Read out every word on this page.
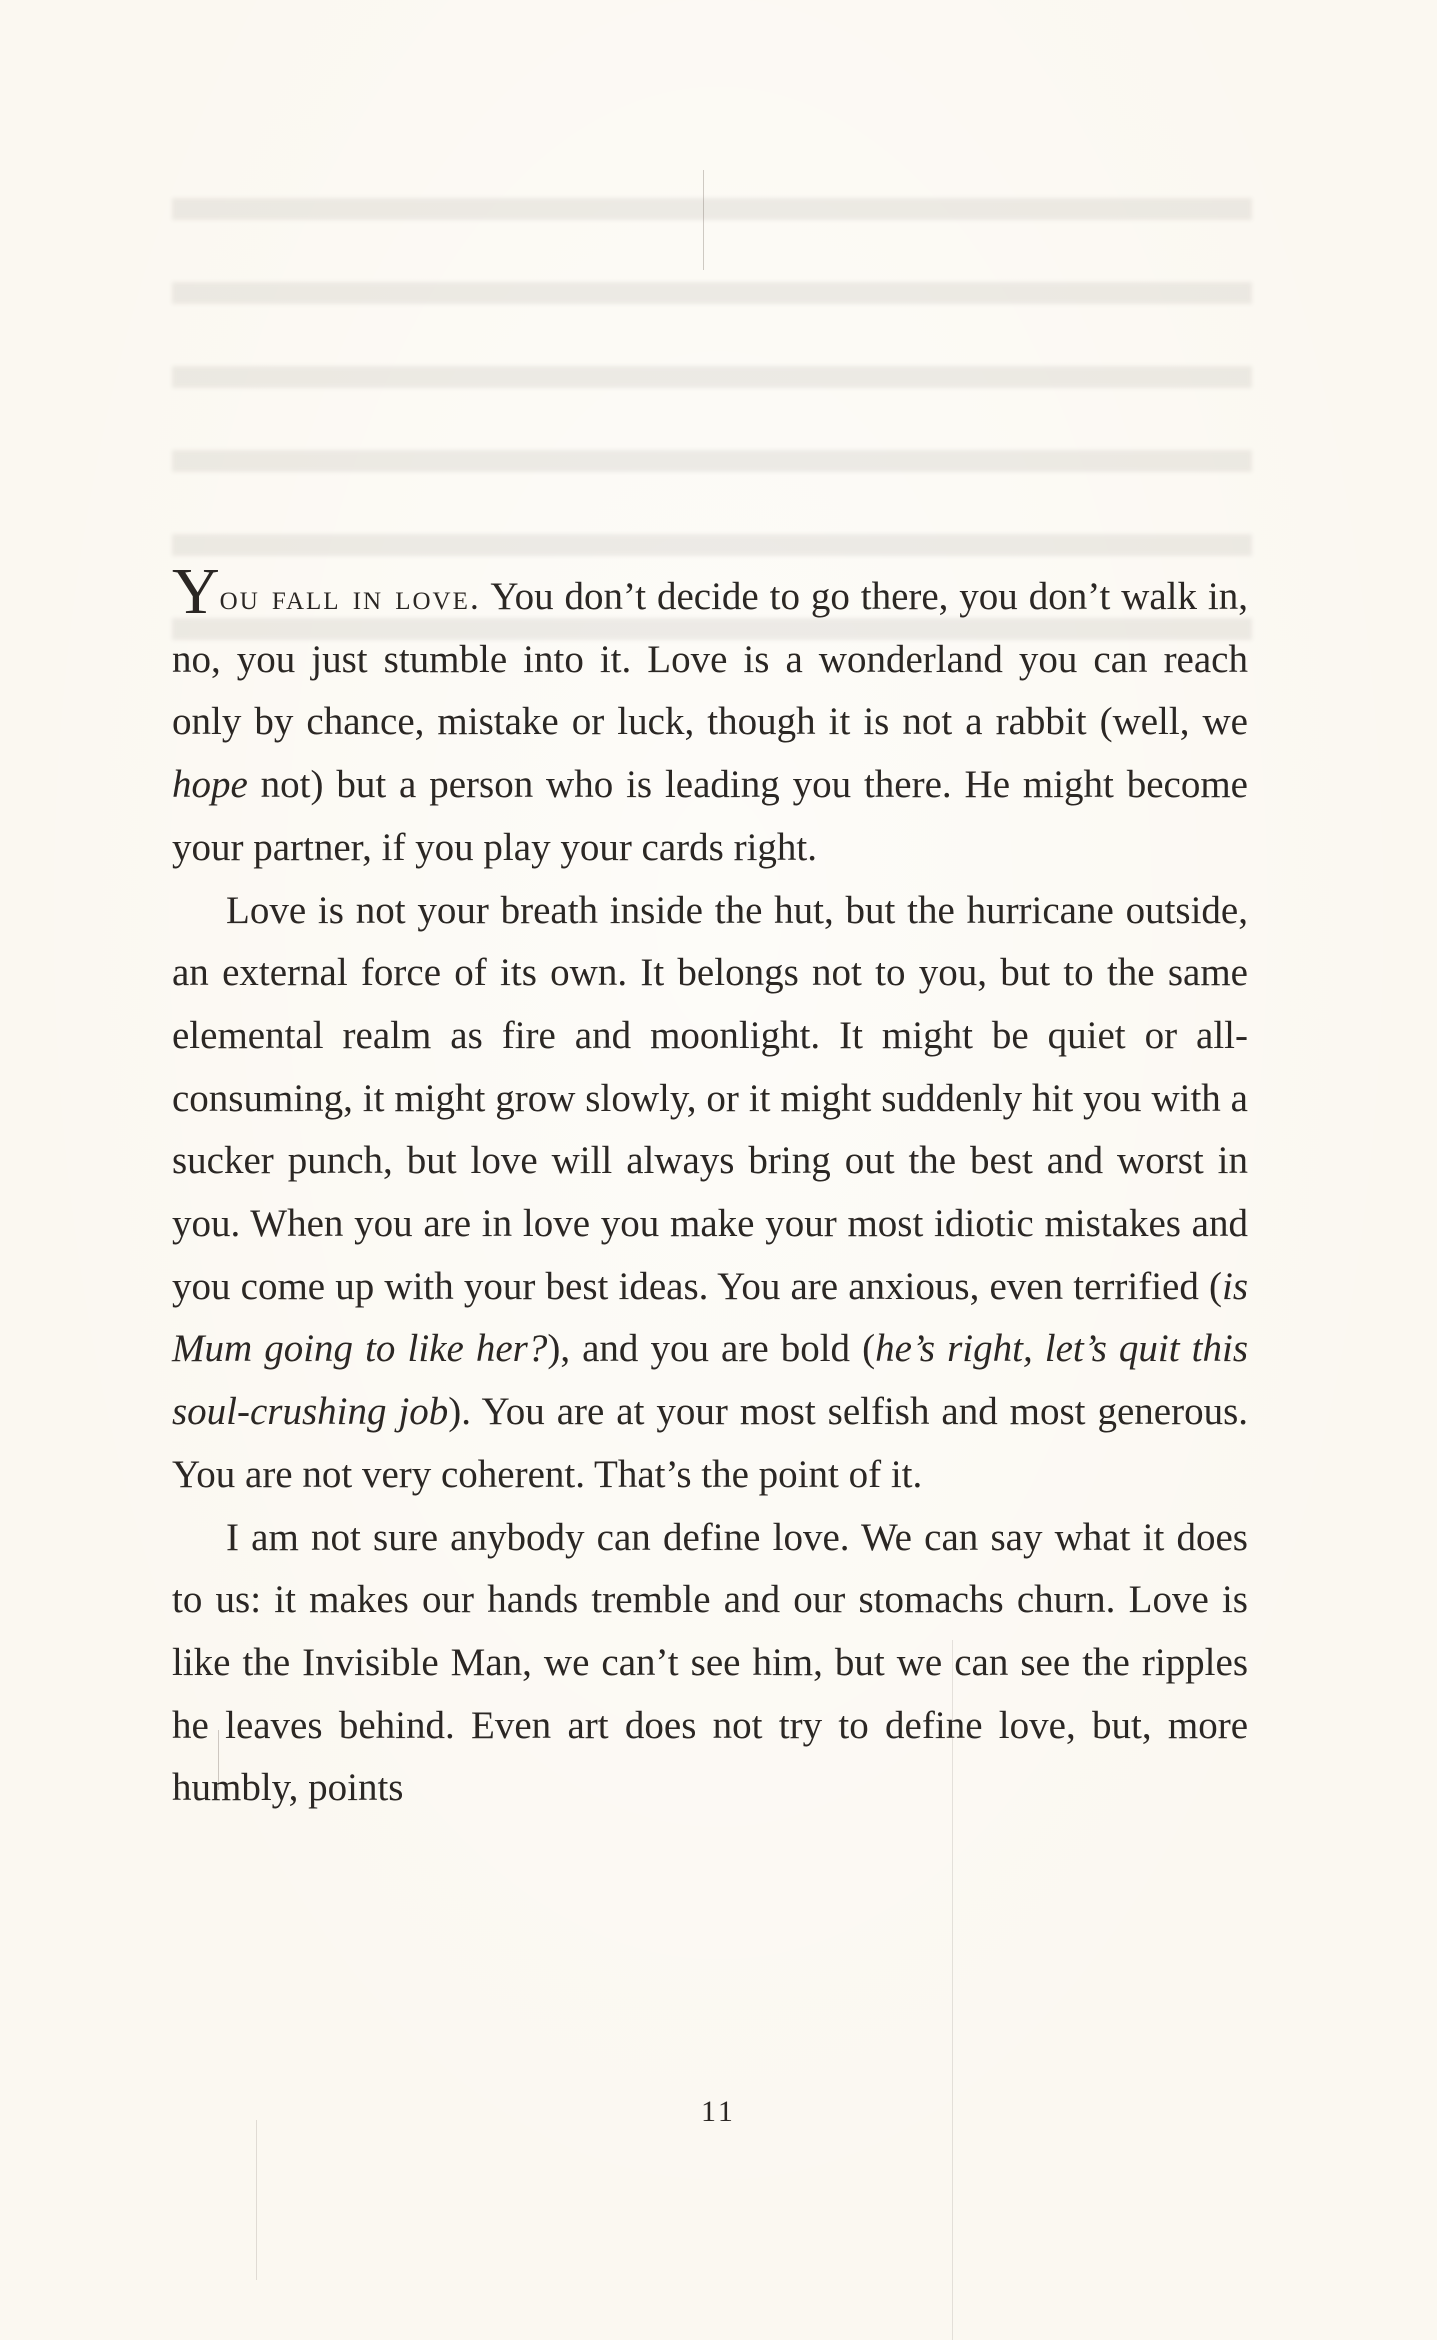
You fall in love. You don’t decide to go there, you don’t walk in, no, you just stumble into it. Love is a wonderland you can reach only by chance, mistake or luck, though it is not a rabbit (well, we hope not) but a person who is leading you there. He might become your partner, if you play your cards right.

Love is not your breath inside the hut, but the hurricane outside, an external force of its own. It belongs not to you, but to the same elemental realm as fire and moonlight. It might be quiet or all-consuming, it might grow slowly, or it might suddenly hit you with a sucker punch, but love will always bring out the best and worst in you. When you are in love you make your most idiotic mistakes and you come up with your best ideas. You are anxious, even terrified (is Mum going to like her?), and you are bold (he’s right, let’s quit this soul-crushing job). You are at your most selfish and most generous. You are not very coherent. That’s the point of it.

I am not sure anybody can define love. We can say what it does to us: it makes our hands tremble and our stomachs churn. Love is like the Invisible Man, we can’t see him, but we can see the ripples he leaves behind. Even art does not try to define love, but, more humbly, points

11
